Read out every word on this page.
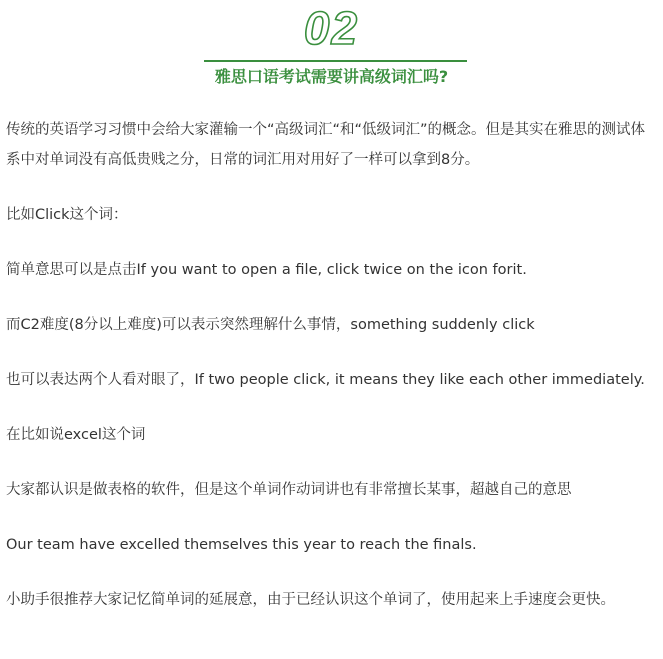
02
雅思口语考试需要讲高级词汇吗?

传统的英语学习习惯中会给大家灌输一个“高级词汇“和“低级词汇”的概念。但是其实在雅思的测试体系中对单词没有高低贵贱之分，日常的词汇用对用好了一样可以拿到8分。

比如Click这个词：

简单意思可以是点击If you want to open a file, click twice on the icon forit.

而C2难度(8分以上难度)可以表示突然理解什么事情，something suddenly click

也可以表达两个人看对眼了，If two people click, it means they like each other immediately.

在比如说excel这个词

大家都认识是做表格的软件，但是这个单词作动词讲也有非常擅长某事，超越自己的意思

Our team have excelled themselves this year to reach the finals.

小助手很推荐大家记忆简单词的延展意，由于已经认识这个单词了，使用起来上手速度会更快。
